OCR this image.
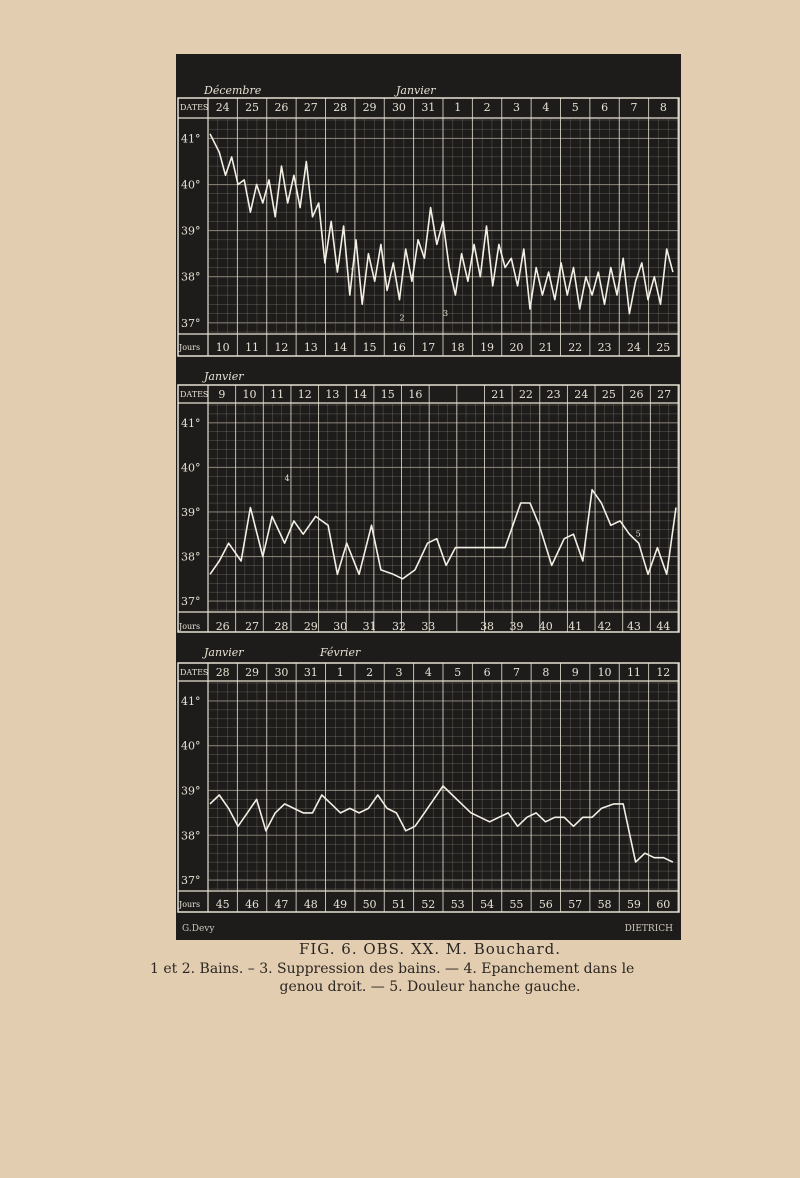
Décembre	Janvier
DATES
Jours
24 25 26 27 28 29 30 31 1 2 3 4 5 6 7 8
10 11 12 13 14 15 16 17 18 19 20 21 22 23 24 25
41°
40°
39°
38°
37°
1
2
3
Janvier
DATES
Jours
9 10 11 12 13 14 15 16	21 22 23 24 25 26 27
26 27 28 29 30 31 32 33	38 39 40 41 42 43 44
41°
40°
39°
38°
37°
4
5
Janvier	Février
DATES
Jours
28 29 30 31 1 2 3 4 5 6 7 8 9 10 11 12
45 46 47 48 49 50 51 52 53 54 55 56 57 58 59 60
41°
40°
39°
38°
37°
G.Devy	DIETRICH
FIG. 6. OBS. XX. M. Bouchard.
1 et 2. Bains. – 3. Suppression des bains. — 4. Epanchement dans le
genou droit. — 5. Douleur hanche gauche.
